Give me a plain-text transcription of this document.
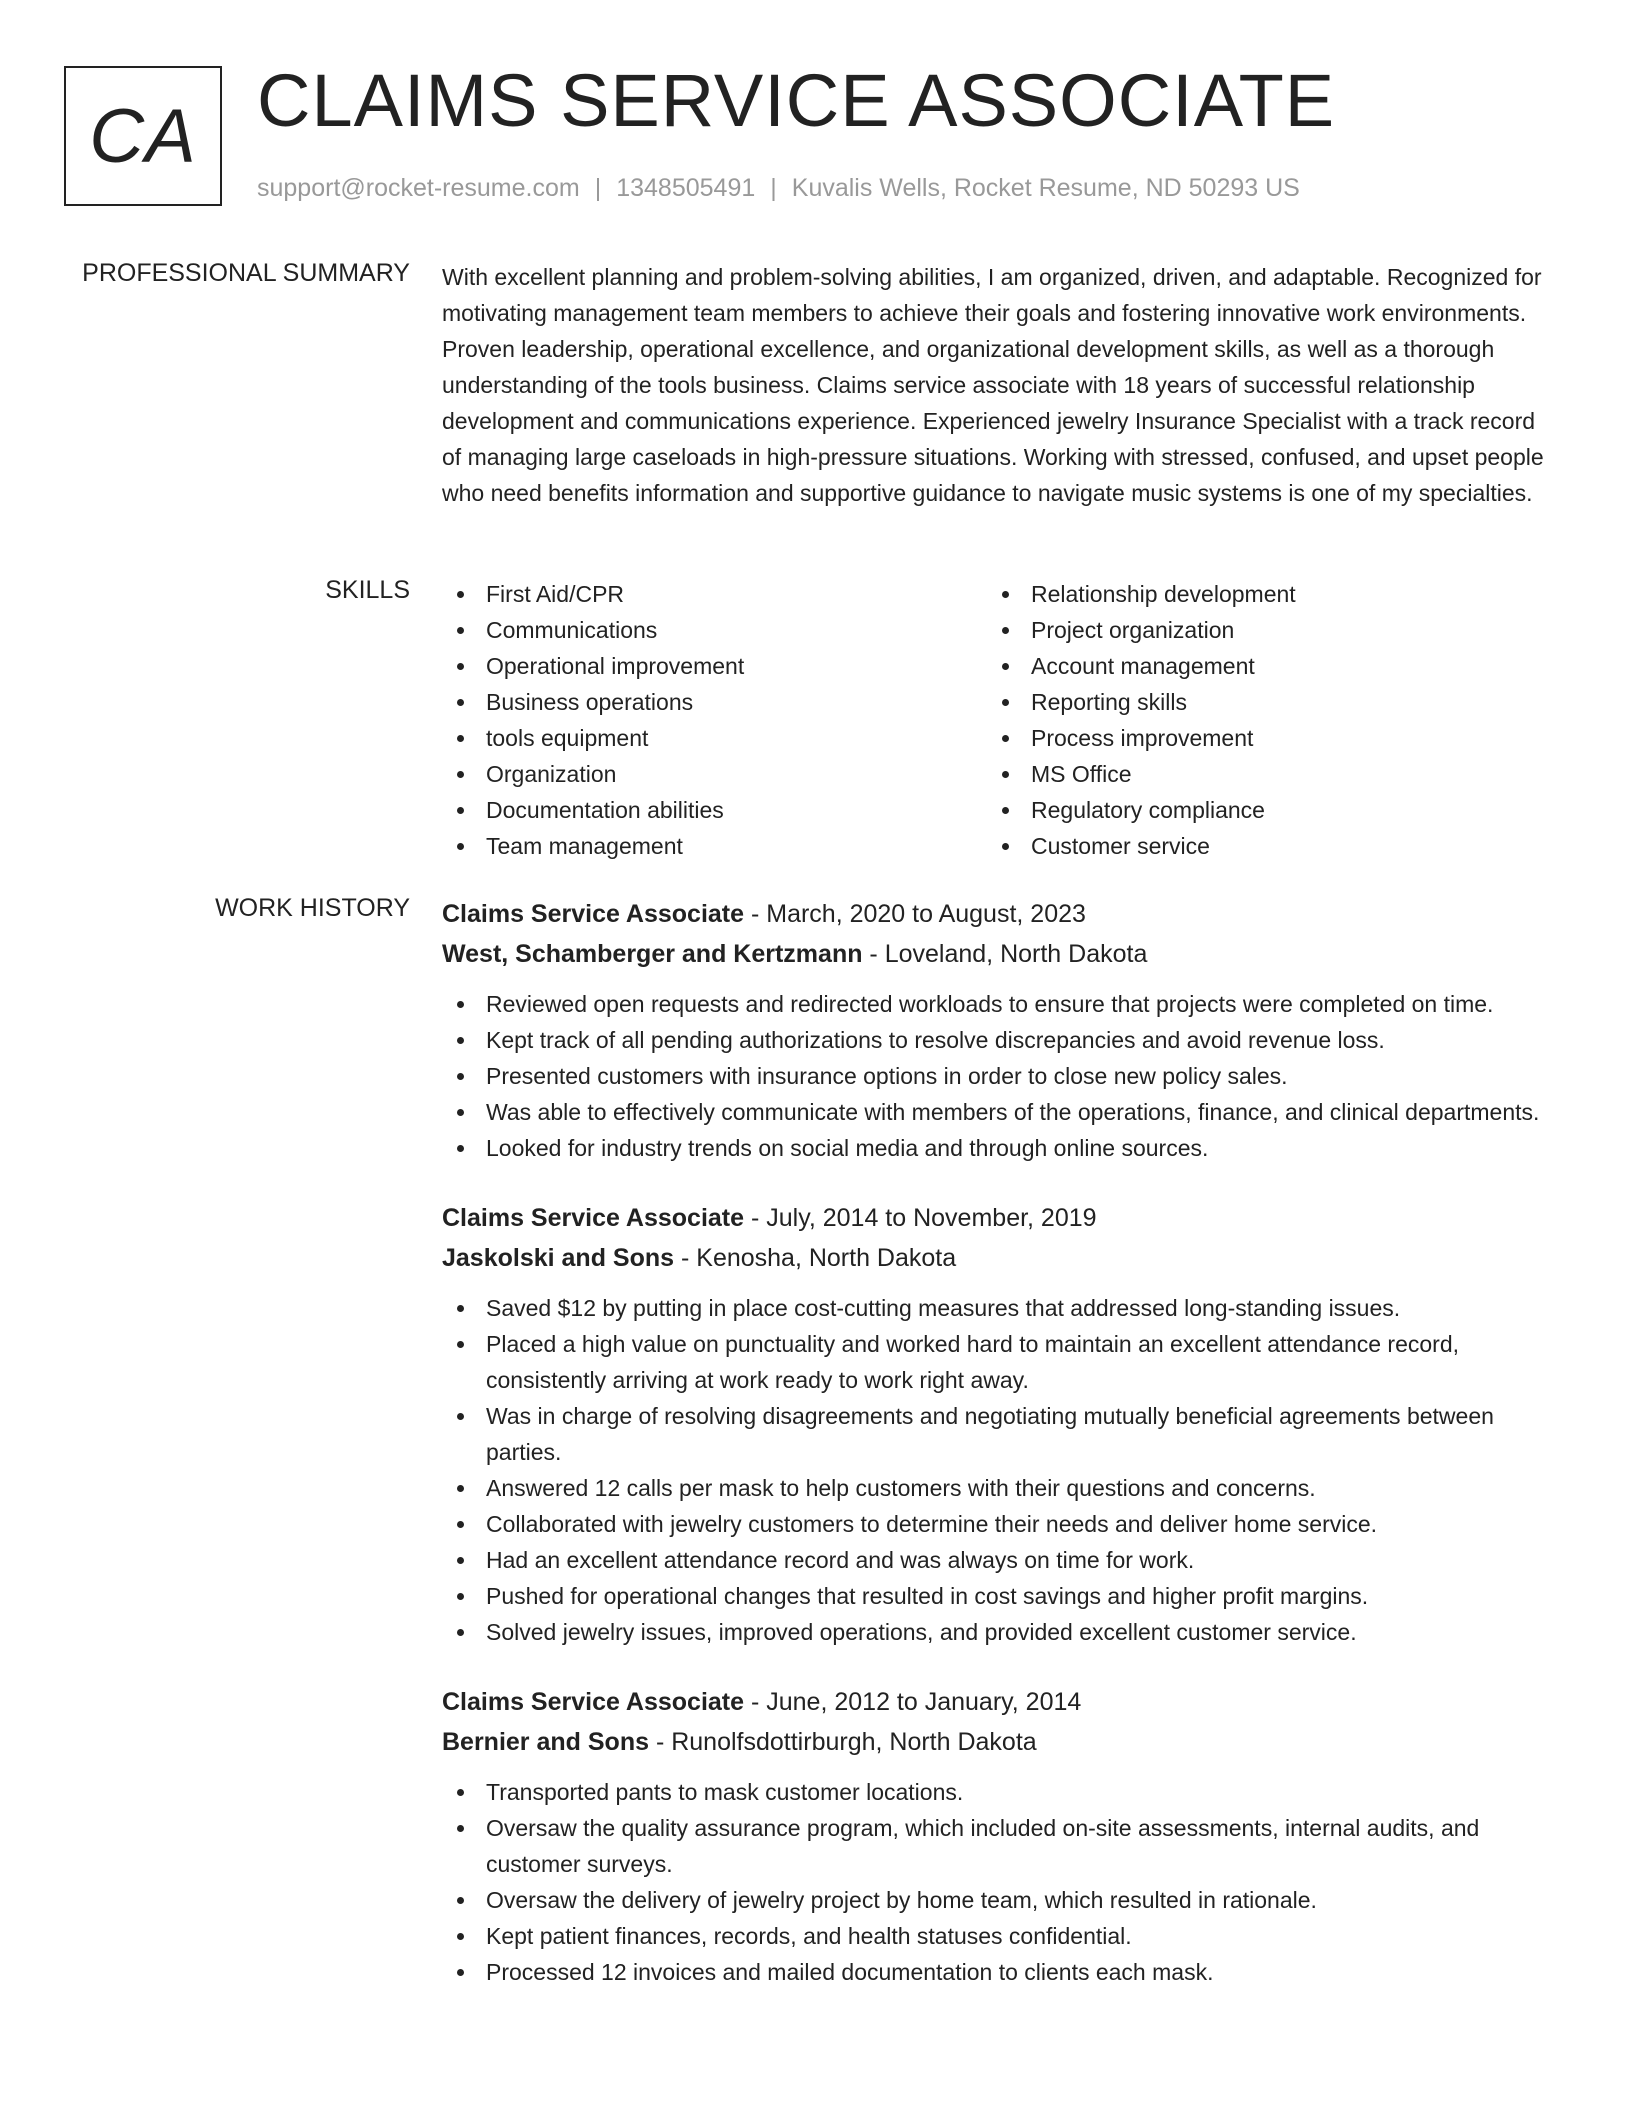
CA CLAIMS SERVICE ASSOCIATE
support@rocket-resume.com | 1348505491 | Kuvalis Wells, Rocket Resume, ND 50293 US
PROFESSIONAL SUMMARY With excellent planning and problem-solving abilities, I am organized, driven, and adaptable. Recognized for motivating management team members to achieve their goals and fostering innovative work environments. Proven leadership, operational excellence, and organizational development skills, as well as a thorough understanding of the tools business. Claims service associate with 18 years of successful relationship development and communications experience. Experienced jewelry Insurance Specialist with a track record of managing large caseloads in high-pressure situations. Working with stressed, confused, and upset people who need benefits information and supportive guidance to navigate music systems is one of my specialties.

SKILLS	First Aid/CPR
Communications
Operational improvement
Business operations
tools equipment
Organization
Documentation abilities
Team management
Relationship development
Project organization
Account management
Reporting skills
Process improvement
MS Office
Regulatory compliance
Customer service
WORK HISTORY Claims Service Associate - March, 2020 to August, 2023
West, Schamberger and Kertzmann - Loveland, North Dakota
Reviewed open requests and redirected workloads to ensure that projects were completed on time.
Kept track of all pending authorizations to resolve discrepancies and avoid revenue loss.
Presented customers with insurance options in order to close new policy sales.
Was able to effectively communicate with members of the operations, finance, and clinical departments.
Looked for industry trends on social media and through online sources.
Claims Service Associate - July, 2014 to November, 2019
Jaskolski and Sons - Kenosha, North Dakota
Saved $12 by putting in place cost-cutting measures that addressed long-standing issues.
Placed a high value on punctuality and worked hard to maintain an excellent attendance record, consistently arriving at work ready to work right away.
Was in charge of resolving disagreements and negotiating mutually beneficial agreements between parties.
Answered 12 calls per mask to help customers with their questions and concerns.
Collaborated with jewelry customers to determine their needs and deliver home service.
Had an excellent attendance record and was always on time for work.
Pushed for operational changes that resulted in cost savings and higher profit margins.
Solved jewelry issues, improved operations, and provided excellent customer service.
Claims Service Associate - June, 2012 to January, 2014
Bernier and Sons - Runolfsdottirburgh, North Dakota
Transported pants to mask customer locations.
Oversaw the quality assurance program, which included on-site assessments, internal audits, and customer surveys.
Oversaw the delivery of jewelry project by home team, which resulted in rationale.
Kept patient finances, records, and health statuses confidential.
Processed 12 invoices and mailed documentation to clients each mask.
